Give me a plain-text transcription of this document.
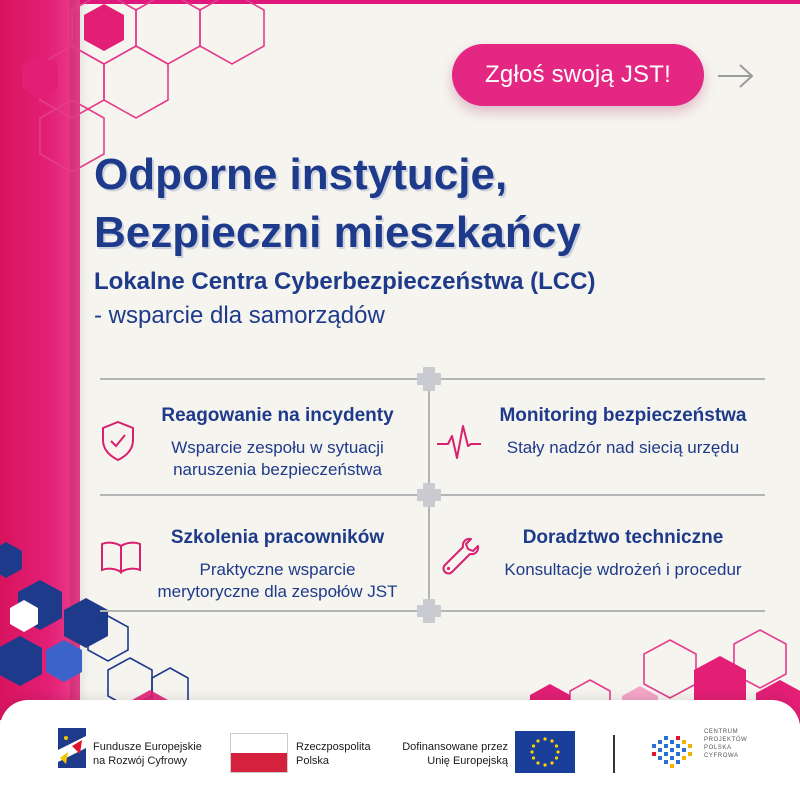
Zgłoś swoją JST!
Odporne instytucje,
Bezpieczni mieszkańcy
Lokalne Centra Cyberbezpieczeństwa (LCC)
- wsparcie dla samorządów
Reagowanie na incydenty
Wsparcie zespołu w sytuacji
naruszenia bezpieczeństwa
Monitoring bezpieczeństwa
Stały nadzór nad siecią urzędu
Szkolenia pracowników
Praktyczne wsparcie
merytoryczne dla zespołów JST
Doradztwo techniczne
Konsultacje wdrożeń i procedur
Fundusze Europejskie
na Rozwój Cyfrowy
Rzeczpospolita
Polska
Dofinansowane przez
Unię Europejską
CENTRUM
PROJEKTÓW
POLSKA
CYFROWA
